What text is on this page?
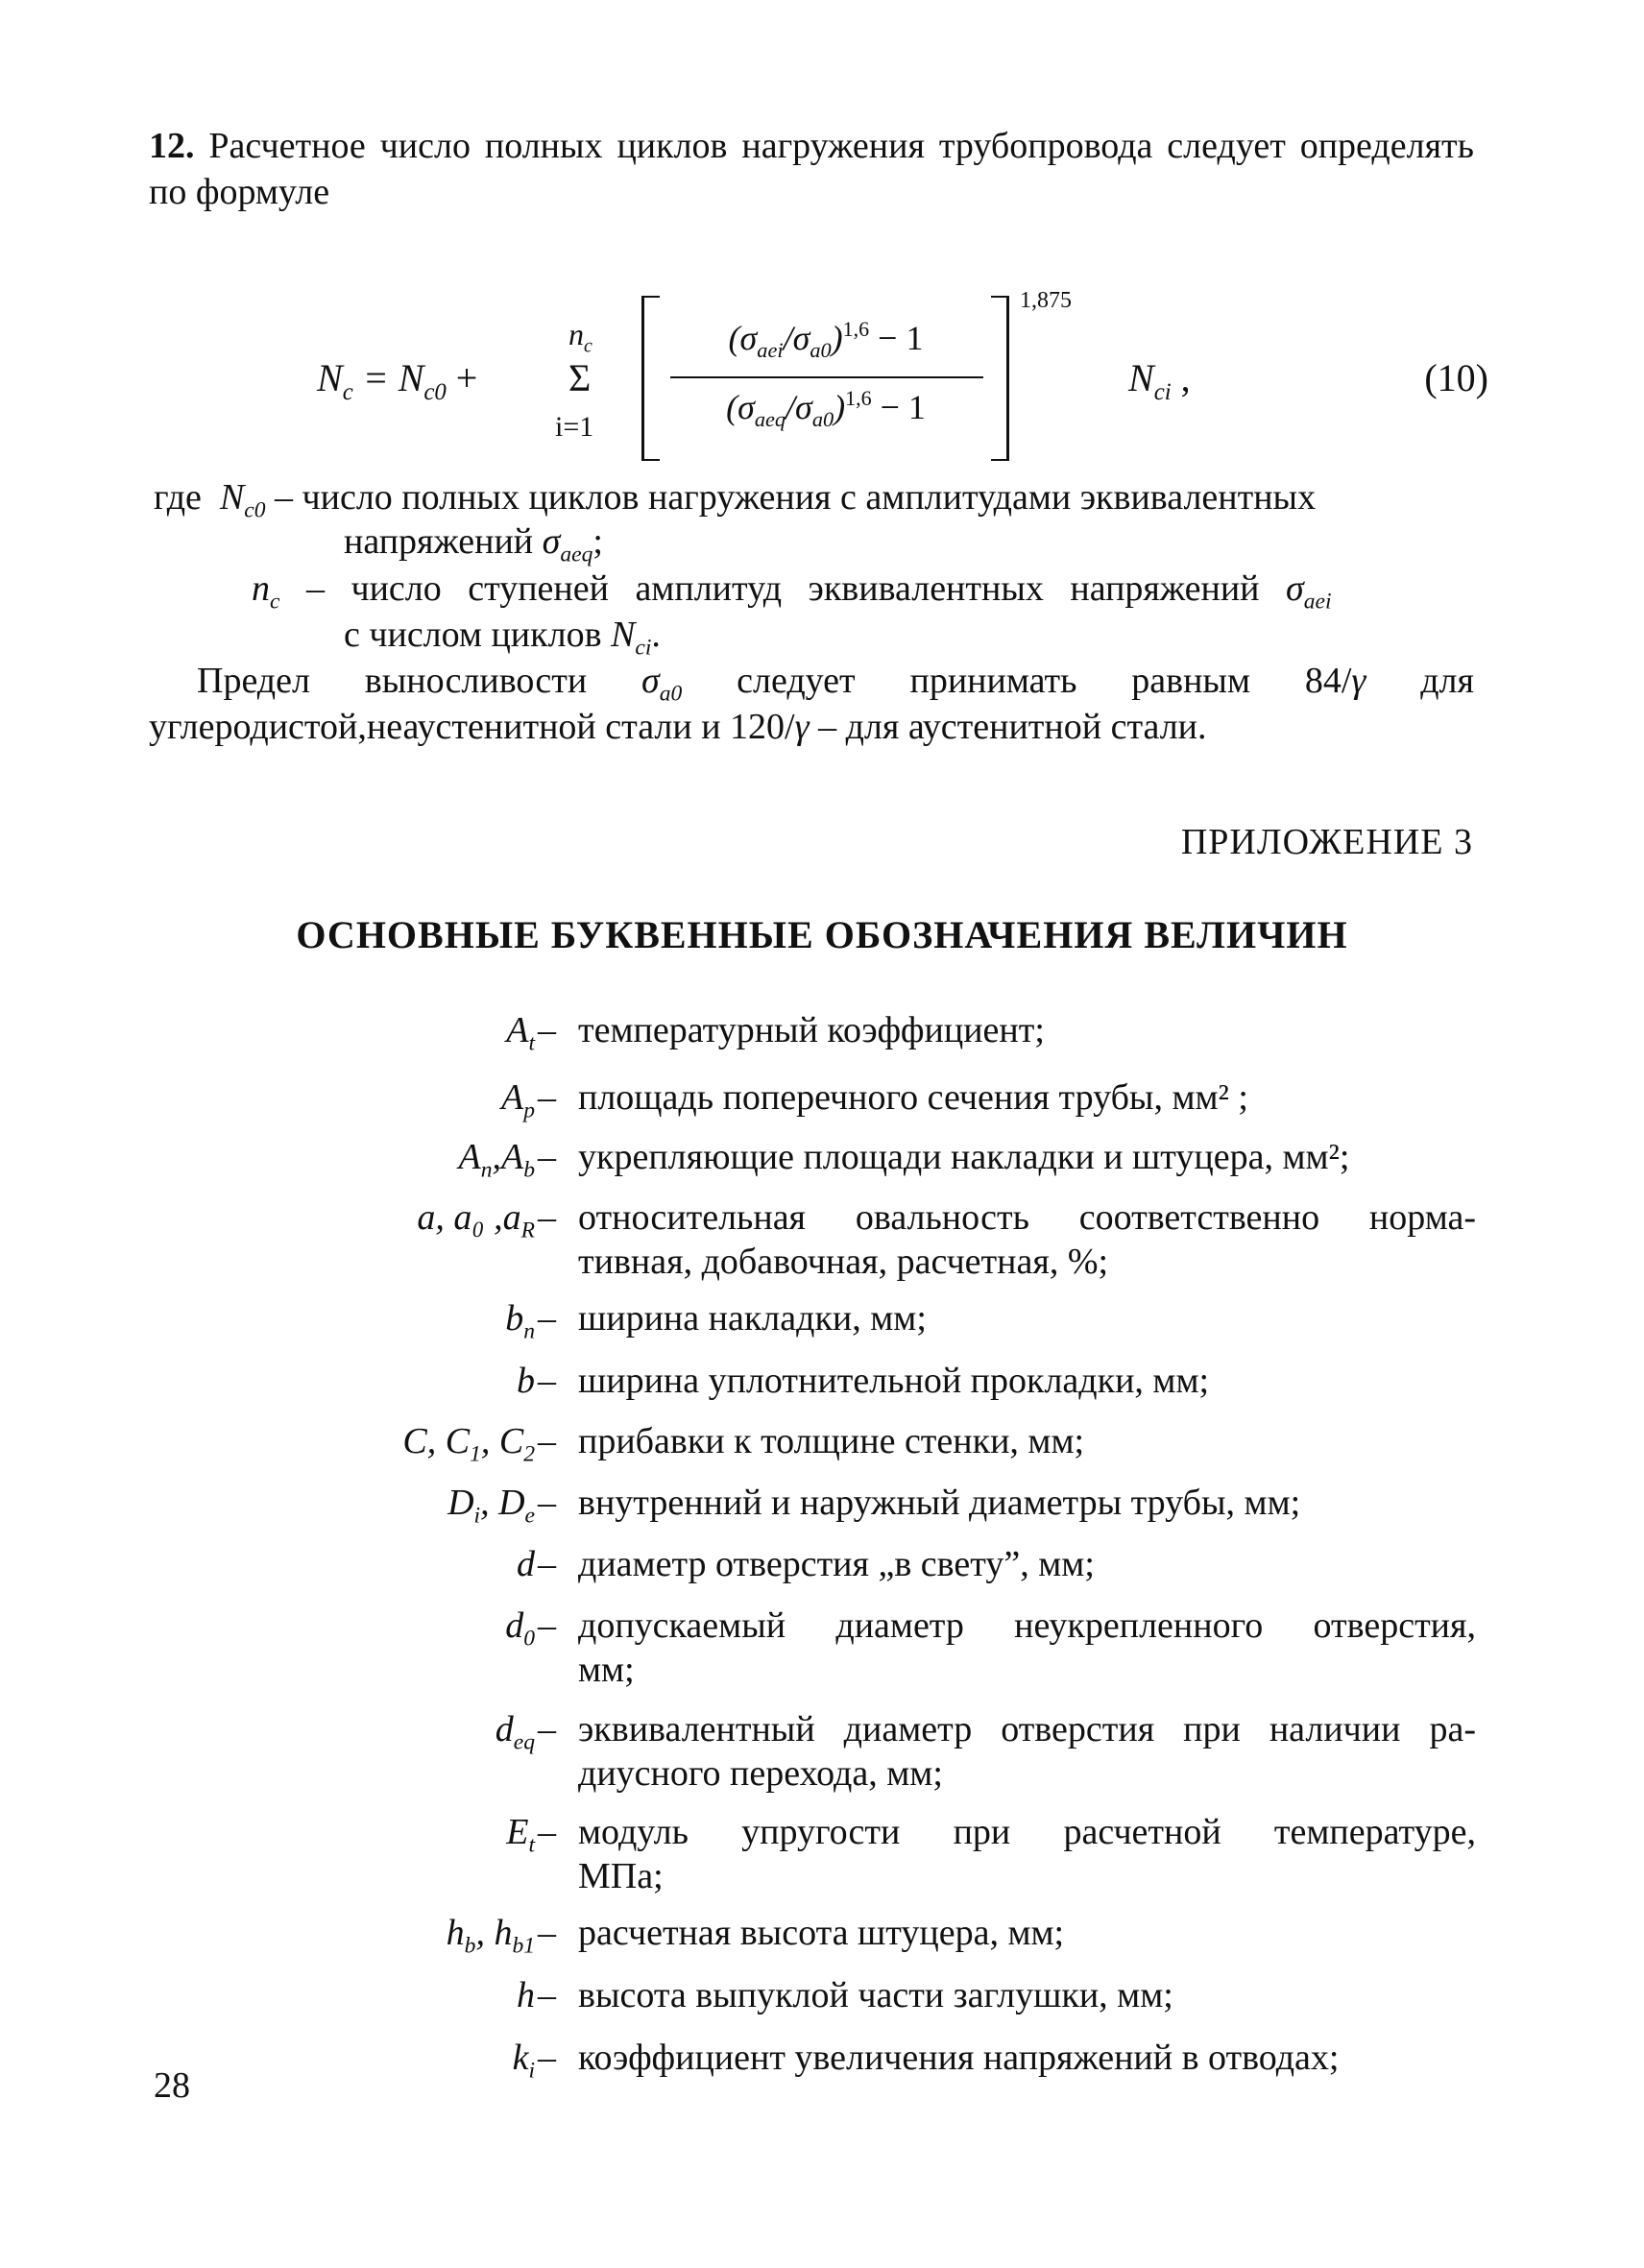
12. Расчетное число полных циклов нагружения трубопровода следует определять по формуле

$N_c = N_{c0}$ +
$n_c$
Σ
i=1
$(\sigma_{aei}/\sigma_{a0})^{1,6} - 1$
$(\sigma_{aeq}/\sigma_{a0})^{1,6} - 1$
1,875
$N_{ci}$ ,	(10)
где $N_{c0}$ – число полных циклов нагружения с амплитудами эквивалентных
напряжений $\sigma_{aeq}$;
$n_c$ – число ступеней амплитуд эквивалентных напряжений $\sigma_{aei}$
с числом циклов $N_{ci}$.

Предел выносливости $\sigma_{a0}$ следует принимать равным 84/γ для углеродистой,неаустенитной стали и 120/γ – для аустенитной стали.

ПРИЛОЖЕНИЕ 3
ОСНОВНЫЕ БУКВЕННЫЕ ОБОЗНАЧЕНИЯ ВЕЛИЧИН
$A_t$ – температурный коэффициент;
$A_p$ – площадь поперечного сечения трубы, мм² ;
$A_n,A_b$ – укрепляющие площади накладки и штуцера, мм²;
a, a₀ $,a_R$ – относительная овальность соответственно норма-
тивная, добавочная, расчетная, %;
$b_n$ – ширина накладки, мм;
b – ширина уплотнительной прокладки, мм;
C, $C_1$, $C_2$ – прибавки к толщине стенки, мм;
$D_i$, $D_e$ – внутренний и наружный диаметры трубы, мм;
d – диаметр отверстия „в свету”, мм;
$d_0$ – допускаемый диаметр неукрепленного отверстия,
мм;
$d_{eq}$ – эквивалентный диаметр отверстия при наличии ра-
диусного перехода, мм;
$E_t$ – модуль упругости при расчетной температуре,
МПа;
$h_b$, $h_{b1}$ – расчетная высота штуцера, мм;
h – высота выпуклой части заглушки, мм;
$k_i$ – коэффициент увеличения напряжений в отводах;
28
